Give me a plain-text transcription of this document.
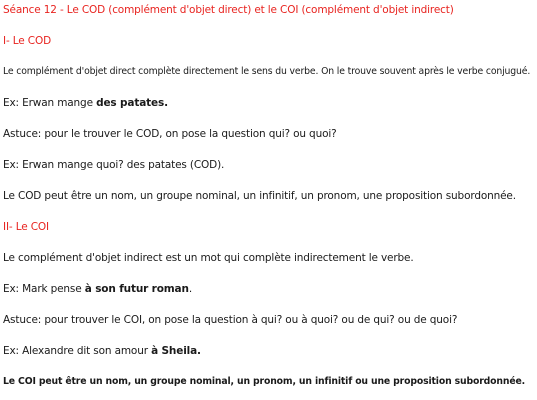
Séance 12 - Le COD (complément d'objet direct) et le COI (complément d'objet indirect)
I- Le COD
Le complément d'objet direct complète directement le sens du verbe. On le trouve souvent après le verbe conjugué.
Ex: Erwan mange des patates.
Astuce: pour le trouver le COD, on pose la question qui? ou quoi?
Ex: Erwan mange quoi? des patates (COD).
Le COD peut être un nom, un groupe nominal, un infinitif, un pronom, une proposition subordonnée.
II- Le COI
Le complément d'objet indirect est un mot qui complète indirectement le verbe.
Ex: Mark pense à son futur roman.
Astuce: pour trouver le COI, on pose la question à qui? ou à quoi? ou de qui? ou de quoi?
Ex: Alexandre dit son amour à Sheila.
Le COI peut être un nom, un groupe nominal, un pronom, un infinitif ou une proposition subordonnée.
